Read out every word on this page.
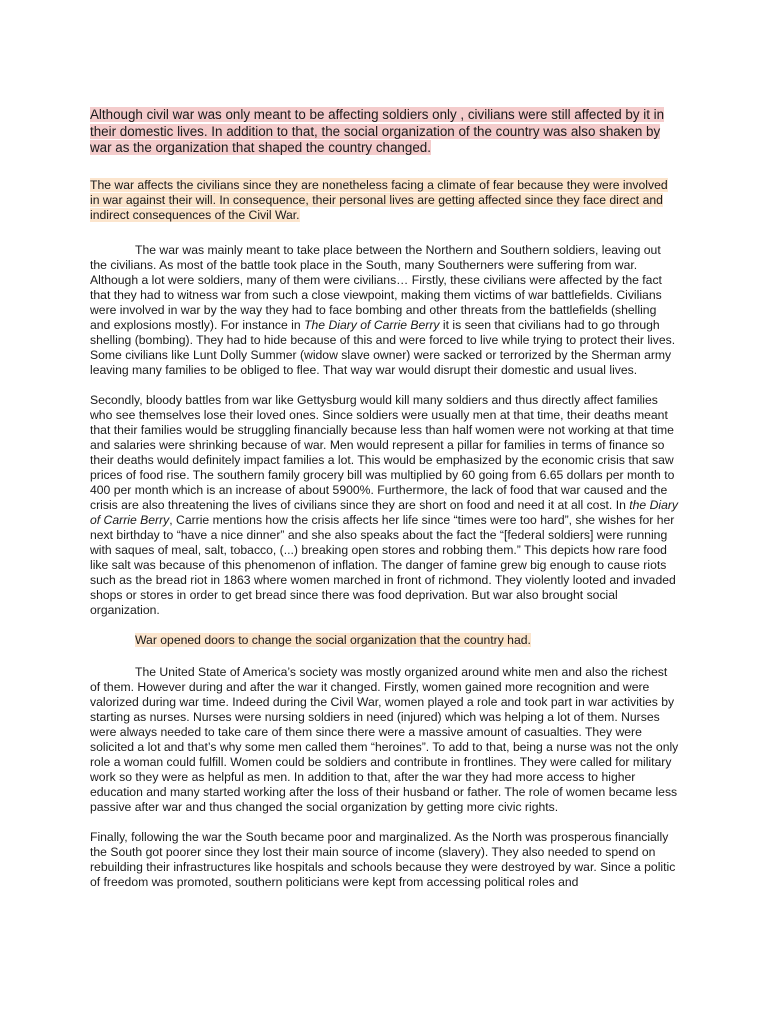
Although civil war was only meant to be affecting soldiers only , civilians were still affected by it in their domestic lives. In addition to that, the social organization of the country was also shaken by war as the organization that shaped the country changed.

The war affects the civilians since they are nonetheless facing a climate of fear because they were involved in war against their will. In consequence, their personal lives are getting affected since they face direct and indirect consequences of the Civil War.

The war was mainly meant to take place between the Northern and Southern soldiers, leaving out the civilians. As most of the battle took place in the South, many Southerners were suffering from war. Although a lot were soldiers, many of them were civilians… Firstly, these civilians were affected by the fact that they had to witness war from such a close viewpoint, making them victims of war battlefields. Civilians were involved in war by the way they had to face bombing and other threats from the battlefields (shelling and explosions mostly). For instance in The Diary of Carrie Berry it is seen that civilians had to go through shelling (bombing). They had to hide because of this and were forced to live while trying to protect their lives. Some civilians like Lunt Dolly Summer (widow slave owner) were sacked or terrorized by the Sherman army leaving many families to be obliged to flee. That way war would disrupt their domestic and usual lives.

Secondly, bloody battles from war like Gettysburg would kill many soldiers and thus directly affect families who see themselves lose their loved ones. Since soldiers were usually men at that time, their deaths meant that their families would be struggling financially because less than half women were not working at that time and salaries were shrinking because of war. Men would represent a pillar for families in terms of finance so their deaths would definitely impact families a lot. This would be emphasized by the economic crisis that saw prices of food rise. The southern family grocery bill was multiplied by 60 going from 6.65 dollars per month to 400 per month which is an increase of about 5900%. Furthermore, the lack of food that war caused and the crisis are also threatening the lives of civilians since they are short on food and need it at all cost. In the Diary of Carrie Berry, Carrie mentions how the crisis affects her life since “times were too hard”, she wishes for her next birthday to “have a nice dinner” and she also speaks about the fact the “[federal soldiers] were running with saques of meal, salt, tobacco, (...) breaking open stores and robbing them.” This depicts how rare food like salt was because of this phenomenon of inflation. The danger of famine grew big enough to cause riots such as the bread riot in 1863 where women marched in front of richmond. They violently looted and invaded shops or stores in order to get bread since there was food deprivation. But war also brought social organization.

War opened doors to change the social organization that the country had.

The United State of America’s society was mostly organized around white men and also the richest of them. However during and after the war it changed. Firstly, women gained more recognition and were valorized during war time. Indeed during the Civil War, women played a role and took part in war activities by starting as nurses. Nurses were nursing soldiers in need (injured) which was helping a lot of them. Nurses were always needed to take care of them since there were a massive amount of casualties. They were solicited a lot and that’s why some men called them “heroines”. To add to that, being a nurse was not the only role a woman could fulfill. Women could be soldiers and contribute in frontlines. They were called for military work so they were as helpful as men. In addition to that, after the war they had more access to higher education and many started working after the loss of their husband or father. The role of women became less passive after war and thus changed the social organization by getting more civic rights.

Finally, following the war the South became poor and marginalized. As the North was prosperous financially the South got poorer since they lost their main source of income (slavery). They also needed to spend on rebuilding their infrastructures like hospitals and schools because they were destroyed by war. Since a politic of freedom was promoted, southern politicians were kept from accessing political roles and
